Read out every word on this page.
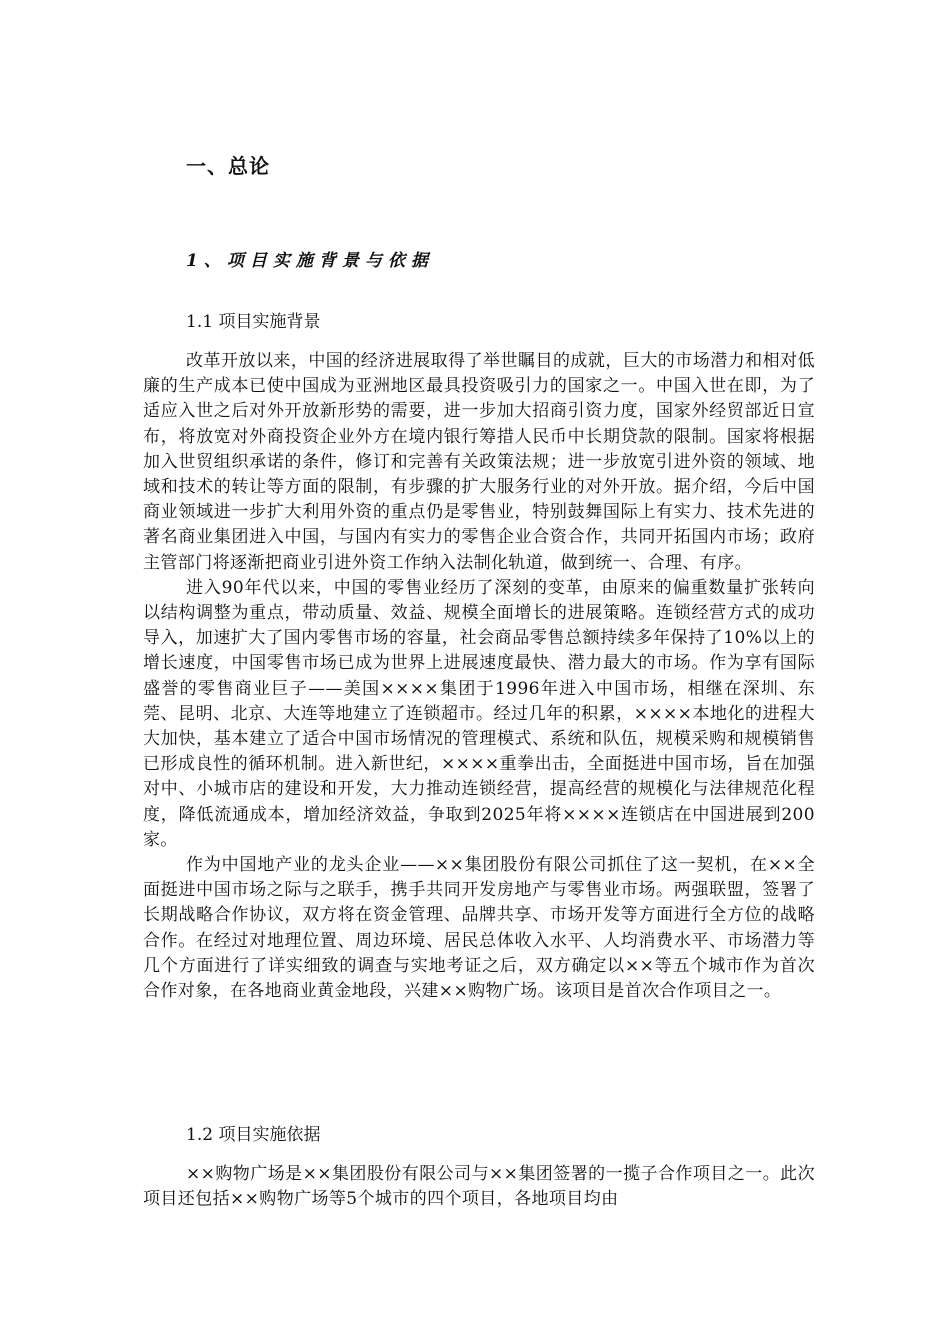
一、总论
1、项目实施背景与依据
1.1 项目实施背景

改革开放以来，中国的经济进展取得了举世瞩目的成就，巨大的市场潜力和相对低廉的生产成本已使中国成为亚洲地区最具投资吸引力的国家之一。中国入世在即，为了适应入世之后对外开放新形势的需要，进一步加大招商引资力度，国家外经贸部近日宣布，将放宽对外商投资企业外方在境内银行筹措人民币中长期贷款的限制。国家将根据加入世贸组织承诺的条件，修订和完善有关政策法规；进一步放宽引进外资的领域、地域和技术的转让等方面的限制，有步骤的扩大服务行业的对外开放。据介绍，今后中国商业领域进一步扩大利用外资的重点仍是零售业，特别鼓舞国际上有实力、技术先进的著名商业集团进入中国，与国内有实力的零售企业合资合作，共同开拓国内市场；政府主管部门将逐渐把商业引进外资工作纳入法制化轨道，做到统一、合理、有序。

进入90年代以来，中国的零售业经历了深刻的变革，由原来的偏重数量扩张转向以结构调整为重点，带动质量、效益、规模全面增长的进展策略。连锁经营方式的成功导入，加速扩大了国内零售市场的容量，社会商品零售总额持续多年保持了10%以上的增长速度，中国零售市场已成为世界上进展速度最快、潜力最大的市场。作为享有国际盛誉的零售商业巨子——美国××××集团于1996年进入中国市场，相继在深圳、东莞、昆明、北京、大连等地建立了连锁超市。经过几年的积累，××××本地化的进程大大加快，基本建立了适合中国市场情况的管理模式、系统和队伍，规模采购和规模销售已形成良性的循环机制。进入新世纪，××××重拳出击，全面挺进中国市场，旨在加强对中、小城市店的建设和开发，大力推动连锁经营，提高经营的规模化与法律规范化程度，降低流通成本，增加经济效益，争取到2025年将××××连锁店在中国进展到200家。

作为中国地产业的龙头企业——××集团股份有限公司抓住了这一契机，在××全面挺进中国市场之际与之联手，携手共同开发房地产与零售业市场。两强联盟，签署了长期战略合作协议，双方将在资金管理、品牌共享、市场开发等方面进行全方位的战略合作。在经过对地理位置、周边环境、居民总体收入水平、人均消费水平、市场潜力等几个方面进行了详实细致的调查与实地考证之后，双方确定以××等五个城市作为首次合作对象，在各地商业黄金地段，兴建××购物广场。该项目是首次合作项目之一。

1.2 项目实施依据

××购物广场是××集团股份有限公司与××集团签署的一揽子合作项目之一。此次项目还包括××购物广场等5个城市的四个项目，各地项目均由
